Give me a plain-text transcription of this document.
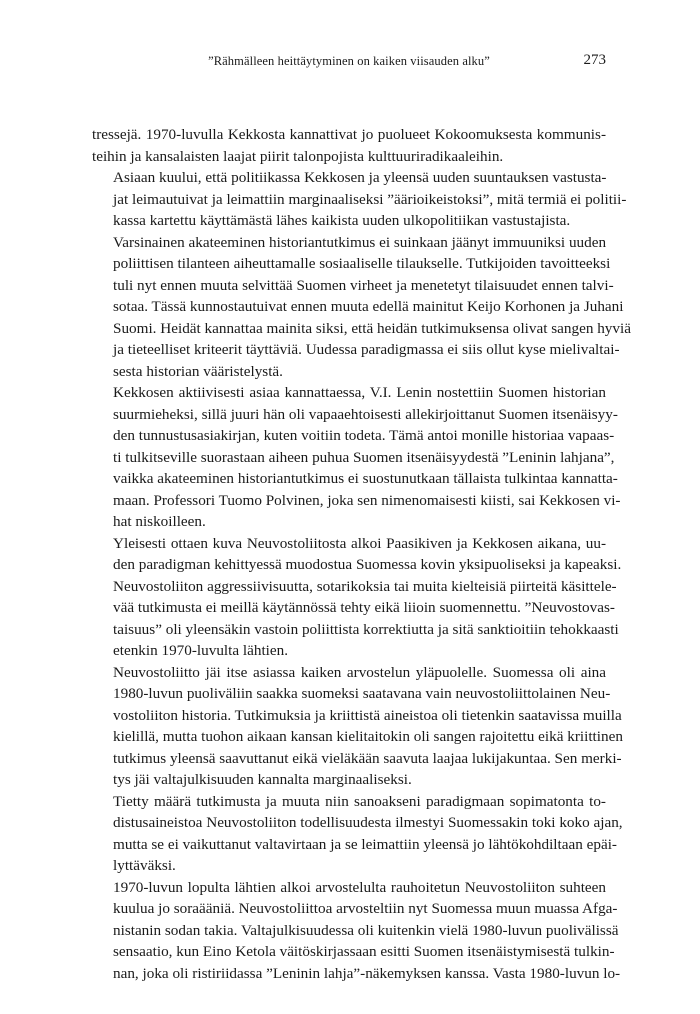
”Rähmälleen heittäytyminen on kaiken viisauden alku”	273

tressejä. 1970-luvulla Kekkosta kannattivat jo puolueet Kokoomuksesta kommunis-
teihin ja kansalaisten laajat piirit talonpojista kulttuuriradikaaleihin.

Asiaan kuului, että politiikassa Kekkosen ja yleensä uuden suuntauksen vastusta-
jat leimautuivat ja leimattiin marginaaliseksi ”äärioikeistoksi”, mitä termiä ei politii-
kassa kartettu käyttämästä lähes kaikista uuden ulkopolitiikan vastustajista.

Varsinainen akateeminen historiantutkimus ei suinkaan jäänyt immuuniksi uuden
poliittisen tilanteen aiheuttamalle sosiaaliselle tilaukselle. Tutkijoiden tavoitteeksi
tuli nyt ennen muuta selvittää Suomen virheet ja menetetyt tilaisuudet ennen talvi-
sotaa. Tässä kunnostautuivat ennen muuta edellä mainitut Keijo Korhonen ja Juhani
Suomi. Heidät kannattaa mainita siksi, että heidän tutkimuksensa olivat sangen hyviä
ja tieteelliset kriteerit täyttäviä. Uudessa paradigmassa ei siis ollut kyse mielivaltai-
sesta historian vääristelystä.

Kekkosen aktiivisesti asiaa kannattaessa, V.I. Lenin nostettiin Suomen historian
suurmieheksi, sillä juuri hän oli vapaaehtoisesti allekirjoittanut Suomen itsenäisyy-
den tunnustusasiakirjan, kuten voitiin todeta. Tämä antoi monille historiaa vapaas-
ti tulkitseville suorastaan aiheen puhua Suomen itsenäisyydestä ”Leninin lahjana”,
vaikka akateeminen historiantutkimus ei suostunutkaan tällaista tulkintaa kannatta-
maan. Professori Tuomo Polvinen, joka sen nimenomaisesti kiisti, sai Kekkosen vi-
hat niskoilleen.

Yleisesti ottaen kuva Neuvostoliitosta alkoi Paasikiven ja Kekkosen aikana, uu-
den paradigman kehittyessä muodostua Suomessa kovin yksipuoliseksi ja kapeaksi.
Neuvostoliiton aggressiivisuutta, sotarikoksia tai muita kielteisiä piirteitä käsittele-
vää tutkimusta ei meillä käytännössä tehty eikä liioin suomennettu. ”Neuvostovas-
taisuus” oli yleensäkin vastoin poliittista korrektiutta ja sitä sanktioitiin tehokkaasti
etenkin 1970-luvulta lähtien.

Neuvostoliitto jäi itse asiassa kaiken arvostelun yläpuolelle. Suomessa oli aina
1980-luvun puoliväliin saakka suomeksi saatavana vain neuvostoliittolainen Neu-
vostoliiton historia. Tutkimuksia ja kriittistä aineistoa oli tietenkin saatavissa muilla
kielillä, mutta tuohon aikaan kansan kielitaitokin oli sangen rajoitettu eikä kriittinen
tutkimus yleensä saavuttanut eikä vieläkään saavuta laajaa lukijakuntaa. Sen merki-
tys jäi valtajulkisuuden kannalta marginaaliseksi.

Tietty määrä tutkimusta ja muuta niin sanoakseni paradigmaan sopimatonta to-
distusaineistoa Neuvostoliiton todellisuudesta ilmestyi Suomessakin toki koko ajan,
mutta se ei vaikuttanut valtavirtaan ja se leimattiin yleensä jo lähtökohdiltaan epäi-
lyttäväksi.

1970-luvun lopulta lähtien alkoi arvostelulta rauhoitetun Neuvostoliiton suhteen
kuulua jo soraääniä. Neuvostoliittoa arvosteltiin nyt Suomessa muun muassa Afga-
nistanin sodan takia. Valtajulkisuudessa oli kuitenkin vielä 1980-luvun puolivälissä
sensaatio, kun Eino Ketola väitöskirjassaan esitti Suomen itsenäistymisestä tulkin-
nan, joka oli ristiriidassa ”Leninin lahja”-näkemyksen kanssa. Vasta 1980-luvun lo-
